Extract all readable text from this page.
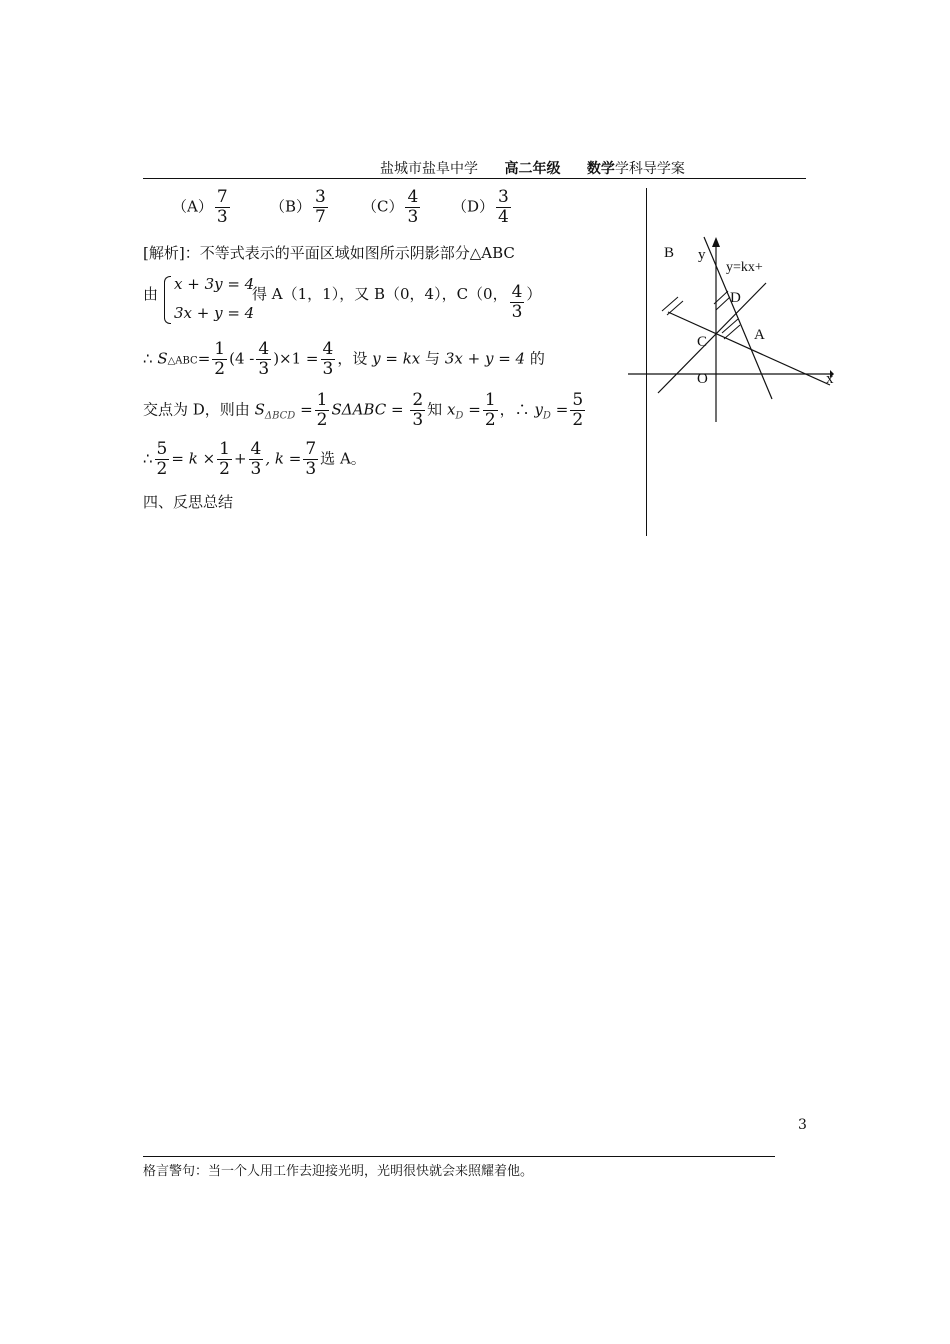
盐城市盐阜中学 高二年级 数学学科导学案
$(A) \frac{7}{3}$	$(B) \frac{3}{7} (C) \frac{4}{3} (D) \frac{3}{4}$
[解析]：不等式表示的平面区域如图所示阴影部分△ABC
由
x + 3y = 4
3x + y = 4
得 A（1，1），又 B（0，4），C（0， $\frac{4}{3}$ ）
∴ S△ABC= $\frac{1}{2} (4 - \frac{4}{3} )\times 1 = \frac{4}{3}$ ，设 y = kx 与 3x + y = 4 的
交点为 D，则由 $S_{\Delta BCD} = \frac{1}{2}$ $S\Delta ABC = \frac{2}{3}$ 知 $x_D = \frac{1}{2}$ ，∴ $y_D = \frac{5}{2}$
∴ $\frac{5}{2} = k \times \frac{1}{2} + \frac{4}{3}$ , $k = \frac{7}{3}$ 选 A。
四、反思总结
B y
y=kx+
D
A
C
O	x
3
格言警句：当一个人用工作去迎接光明，光明很快就会来照耀着他。
